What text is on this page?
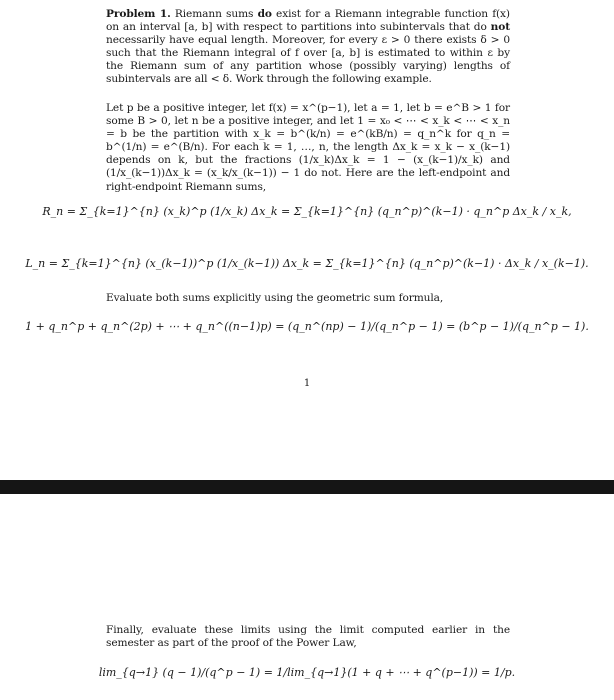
Problem 1. Riemann sums do exist for a Riemann integrable function f(x) on an interval [a, b] with respect to partitions into subintervals that do not necessarily have equal length. Moreover, for every ε > 0 there exists δ > 0 such that the Riemann integral of f over [a, b] is estimated to within ε by the Riemann sum of any partition whose (possibly varying) lengths of subintervals are all < δ. Work through the following example.
Let p be a positive integer, let f(x) = x^(p−1), let a = 1, let b = e^B > 1 for some B > 0, let n be a positive integer, and let 1 = x₀ < ⋯ < x_k < ⋯ < x_n = b be the partition with x_k = b^(k/n) = e^(kB/n) = q_n^k for q_n = b^(1/n) = e^(B/n). For each k = 1, …, n, the length Δx_k = x_k − x_(k−1) depends on k, but the fractions (1/x_k)Δx_k = 1 − (x_(k−1)/x_k) and (1/x_(k−1))Δx_k = (x_k/x_(k−1)) − 1 do not. Here are the left-endpoint and right-endpoint Riemann sums,
R_n = Σ_{k=1}^{n} (x_k)^p (1/x_k) Δx_k = Σ_{k=1}^{n} (q_n^p)^(k−1) · q_n^p Δx_k / x_k,
L_n = Σ_{k=1}^{n} (x_(k−1))^p (1/x_(k−1)) Δx_k = Σ_{k=1}^{n} (q_n^p)^(k−1) · Δx_k / x_(k−1).
Evaluate both sums explicitly using the geometric sum formula,
1 + q_n^p + q_n^(2p) + ⋯ + q_n^((n−1)p) = (q_n^(np) − 1)/(q_n^p − 1) = (b^p − 1)/(q_n^p − 1).
1
Finally, evaluate these limits using the limit computed earlier in the semester as part of the proof of the Power Law,
lim_{q→1} (q − 1)/(q^p − 1) = 1/lim_{q→1}(1 + q + ⋯ + q^(p−1)) = 1/p.
